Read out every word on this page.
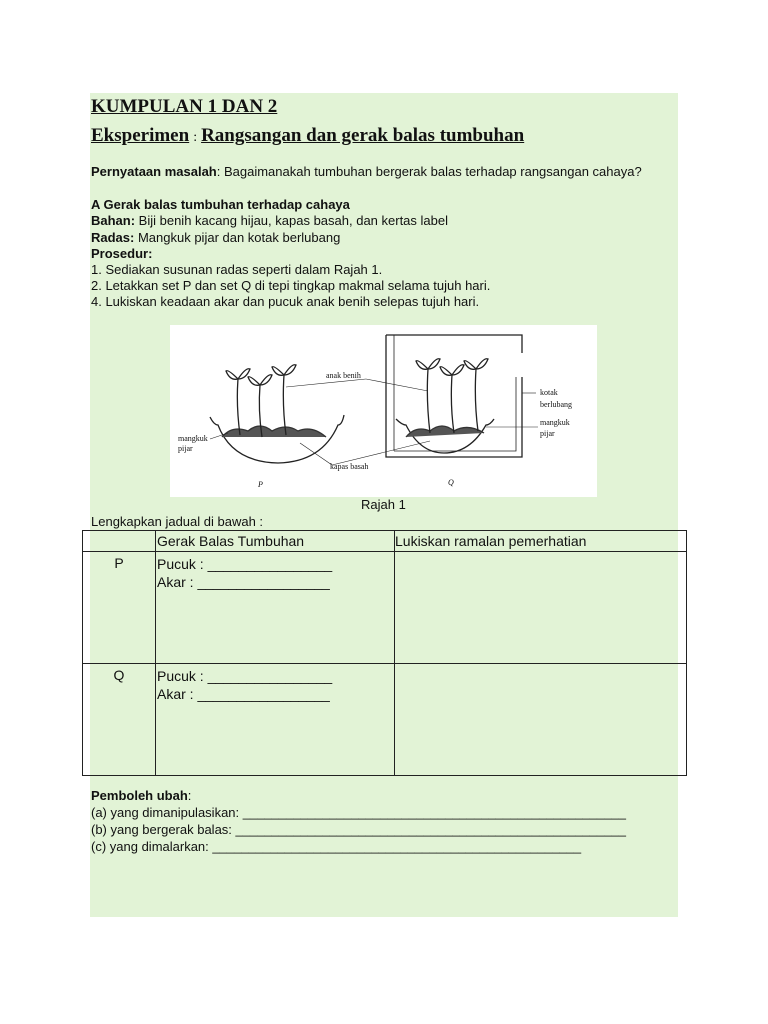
KUMPULAN 1 DAN 2
Eksperimen : Rangsangan dan gerak balas tumbuhan
Pernyataan masalah: Bagaimanakah tumbuhan bergerak balas terhadap rangsangan cahaya?
A Gerak balas tumbuhan terhadap cahaya
Bahan: Biji benih kacang hijau, kapas basah, dan kertas label
Radas: Mangkuk pijar dan kotak berlubang
Prosedur:
1. Sediakan susunan radas seperti dalam Rajah 1.
2. Letakkan set P dan set Q di tepi tingkap makmal selama tujuh hari.
4. Lukiskan keadaan akar dan pucuk anak benih selepas tujuh hari.
anak benih
mangkuk
pijar
kapas basah
kotak
berlubang
mangkuk
pijar
P	Q
Rajah 1
Lengkapkan jadual di bawah :
	Gerak Balas Tumbuhan	Lukiskan ramalan pemerhatian

P	Pucuk : ________________
Akar : _________________	

Q	Pucuk : ________________
Akar : _________________	

Pemboleh ubah:
(a) yang dimanipulasikan: _____________________________________________________
(b) yang bergerak balas: ______________________________________________________
(c) yang dimalarkan: ___________________________________________________
